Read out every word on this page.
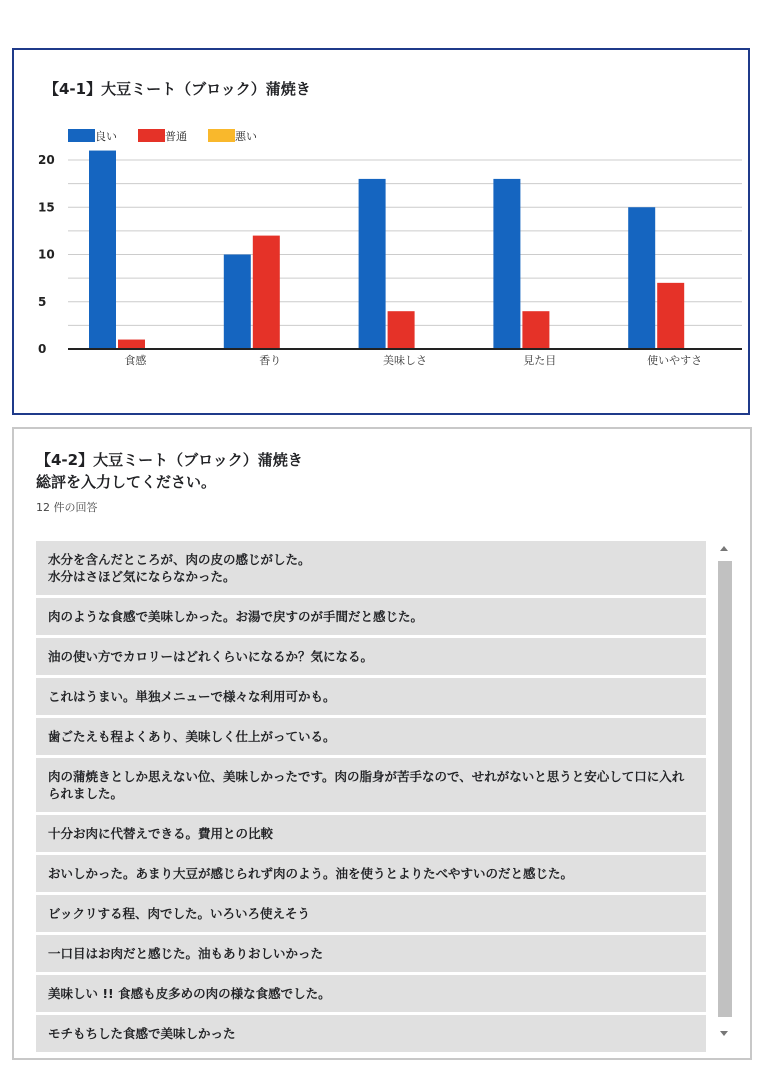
【4-1】大豆ミート（ブロック）蒲焼き
0
5
10
15
20
食感	香り	美味しさ	見た目	使いやすさ
良い	普通	悪い
【4-2】大豆ミート（ブロック）蒲焼き
総評を入力してください。
12 件の回答
水分を含んだところが、肉の皮の感じがした。
水分はさほど気にならなかった。
肉のような食感で美味しかった。お湯で戻すのが手間だと感じた。
油の使い方でカロリーはどれくらいになるか？気になる。
これはうまい。単独メニューで様々な利用可かも。
歯ごたえも程よくあり、美味しく仕上がっている。
肉の蒲焼きとしか思えない位、美味しかったです。肉の脂身が苦手なので、せれがないと思うと安心して口に入れられました。
十分お肉に代替えできる。費用との比較
おいしかった。あまり大豆が感じられず肉のよう。油を使うとよりたべやすいのだと感じた。
ビックリする程、肉でした。いろいろ使えそう
一口目はお肉だと感じた。油もありおしいかった
美味しい !! 食感も皮多めの肉の様な食感でした。
モチもちした食感で美味しかった
